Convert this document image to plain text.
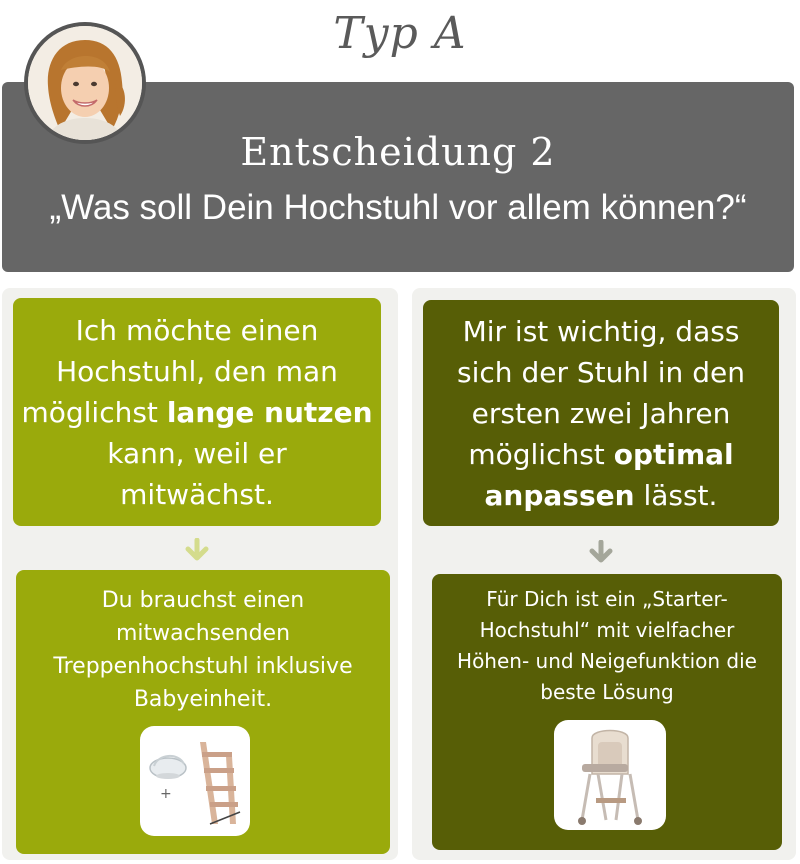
Typ A
Entscheidung 2
„Was soll Dein Hochstuhl vor allem können?“
Ich möchte einen
Hochstuhl, den man
möglichst lange nutzen
kann, weil er
mitwächst.
Du brauchst einen
mitwachsenden
Treppenhochstuhl inklusive
Babyeinheit.
+
Mir ist wichtig, dass
sich der Stuhl in den
ersten zwei Jahren
möglichst optimal
anpassen lässt.
Für Dich ist ein „Starter-
Hochstuhl“ mit vielfacher
Höhen- und Neigefunktion die
beste Lösung
